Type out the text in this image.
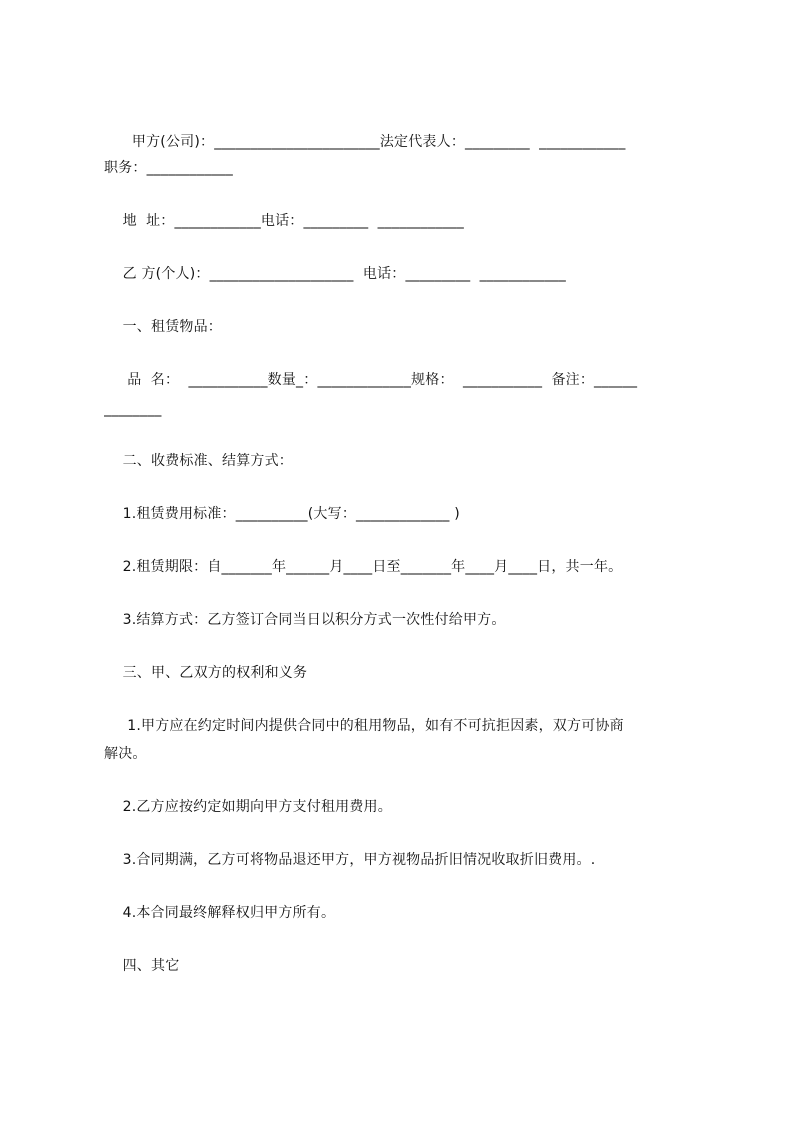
甲方(公司)：_______________________法定代表人：_________  ____________
职务：____________
地  址：____________电话：_________  ____________
乙 方(个人)：____________________  电话：_________  ____________
一、租赁物品：
品  名：  ___________数量_：_____________规格：  ___________  备注：______
________
二、收费标准、结算方式：
1.租赁费用标准：__________(大写：_____________ )
2.租赁期限：自_______年______月____日至_______年____月____日，共一年。
3.结算方式：乙方签订合同当日以积分方式一次性付给甲方。
三、甲、乙双方的权利和义务
1.甲方应在约定时间内提供合同中的租用物品，如有不可抗拒因素，双方可协商
解决。
2.乙方应按约定如期向甲方支付租用费用。
3.合同期满，乙方可将物品退还甲方，甲方视物品折旧情况收取折旧费用。.
4.本合同最终解释权归甲方所有。
四、其它
